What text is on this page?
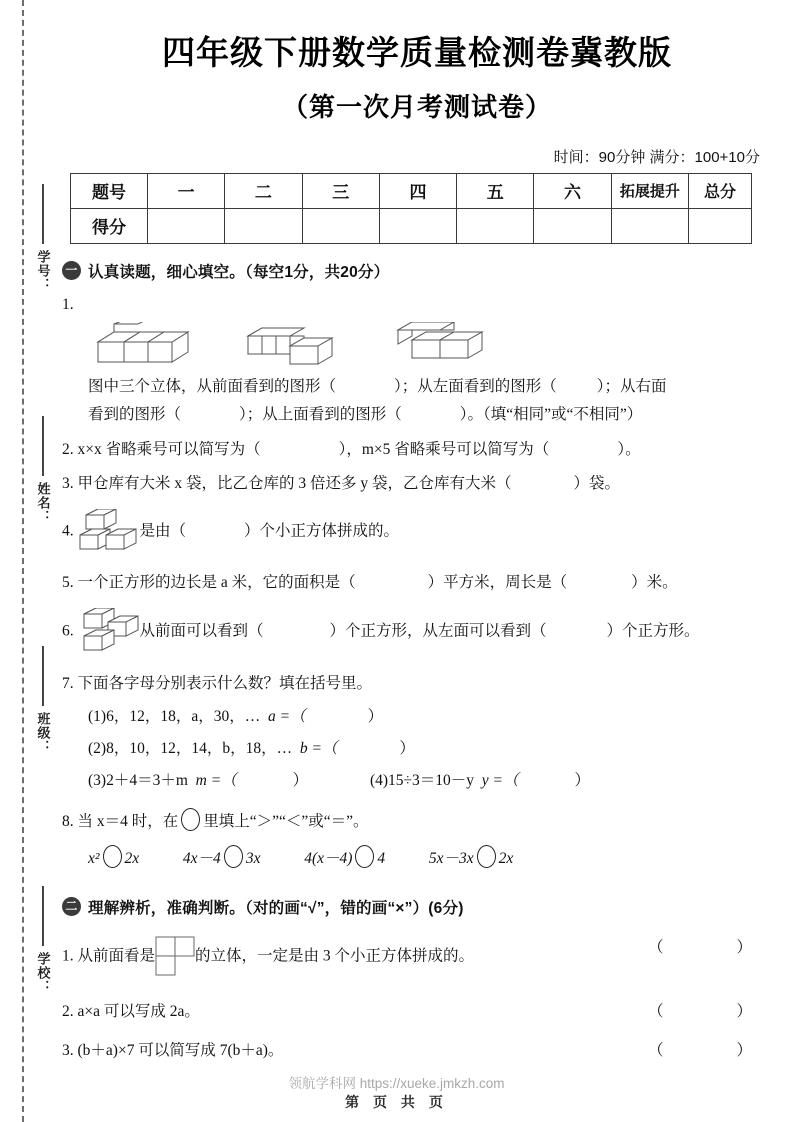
学号：
姓名：
班级：
学校：
四年级下册数学质量检测卷冀教版
（第一次月考测试卷）
时间：90分钟 满分：100+10分
题号	一	二	三	四	五	六	拓展提升	总分
得分								
一 认真读题，细心填空。（每空1分，共20分）
1.
图中三个立体，从前面看到的图形（	）；从左面看到的图形（	）；从右面
看到的图形（	）；从上面看到的图形（	）。（填“相同”或“不相同”）
2. x×x 省略乘号可以简写为（	），m×5 省略乘号可以简写为（	）。
3. 甲仓库有大米 x 袋，比乙仓库的 3 倍还多 y 袋，乙仓库有大米（	）袋。
4.	是由（	）个小正方体拼成的。
5. 一个正方形的边长是 a 米，它的面积是（	）平方米，周长是（	）米。
6.	从前面可以看到（	）个正方形，从左面可以看到（	）个正方形。
7. 下面各字母分别表示什么数？填在括号里。
(1)6，12，18，a，30，… a =（	）
(2)8，10，12，14，b，18，… b =（	）
(3)2＋4＝3＋m m =（	）	(4)15÷3＝10－y y =（	）
8. 当 x＝4 时，在 里填上“＞”“＜”或“＝”。
x² 2x	4x－4 3x	4(x－4) 4	5x－3x 2x
二 理解辨析，准确判断。（对的画“√”，错的画“×”）(6分)
1. 从前面看是	的立体，一定是由 3 个小正方体拼成的。
（　　）
2. a×a 可以写成 2a。	（　　）
3. (b＋a)×7 可以简写成 7(b＋a)。	（　　）
领航学科网 https://xueke.jmkzh.com
第 页 共 页
